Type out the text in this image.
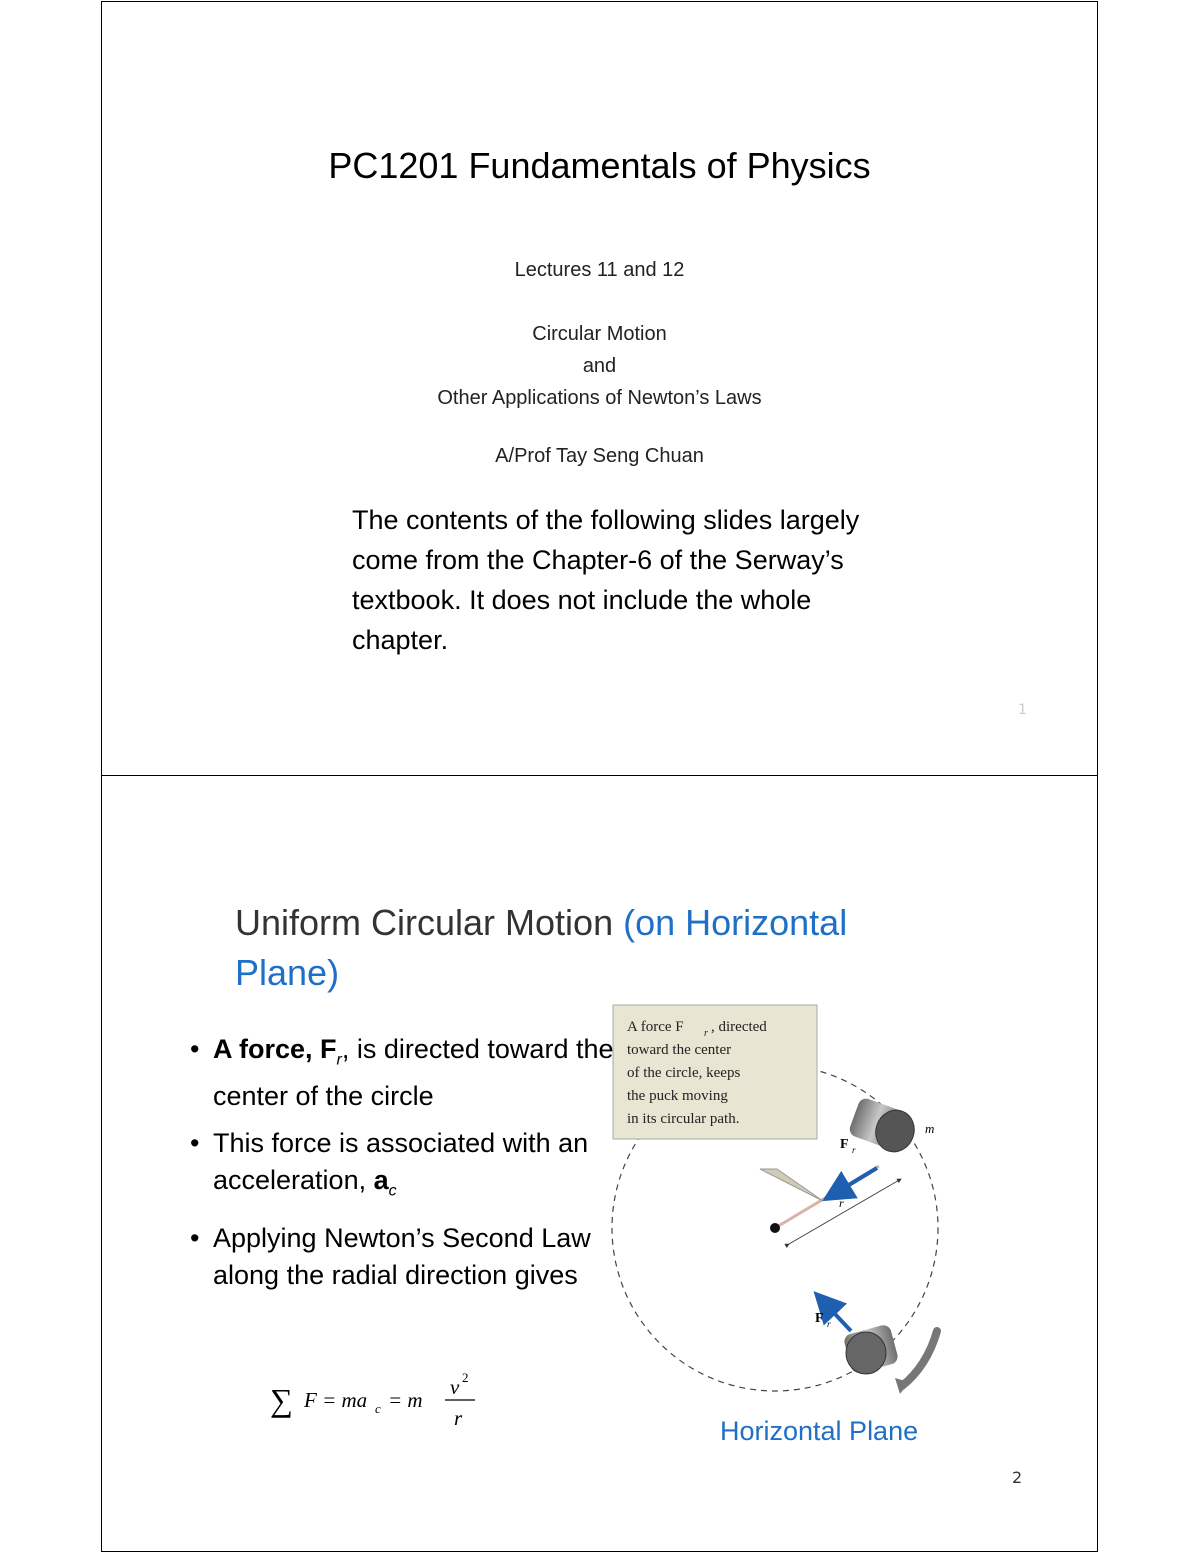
PC1201 Fundamentals of Physics
Lectures 11 and 12
Circular Motion
and
Other Applications of Newton’s Laws
A/Prof Tay Seng Chuan
The contents of the following slides largely come from the Chapter-6 of the Serway’s textbook. It does not include the whole chapter.
1
Uniform Circular Motion (on Horizontal Plane)
• A force, $F_r$, is directed toward the center of the circle
• This force is associated with an acceleration, $a_c$
• Applying Newton’s Second Law along the radial direction gives
∑ F = ma c = m
v 2
r
r
F r
F r
m
A force F r , directed
toward the center
of the circle, keeps
the puck moving
in its circular path.
Horizontal Plane
2
